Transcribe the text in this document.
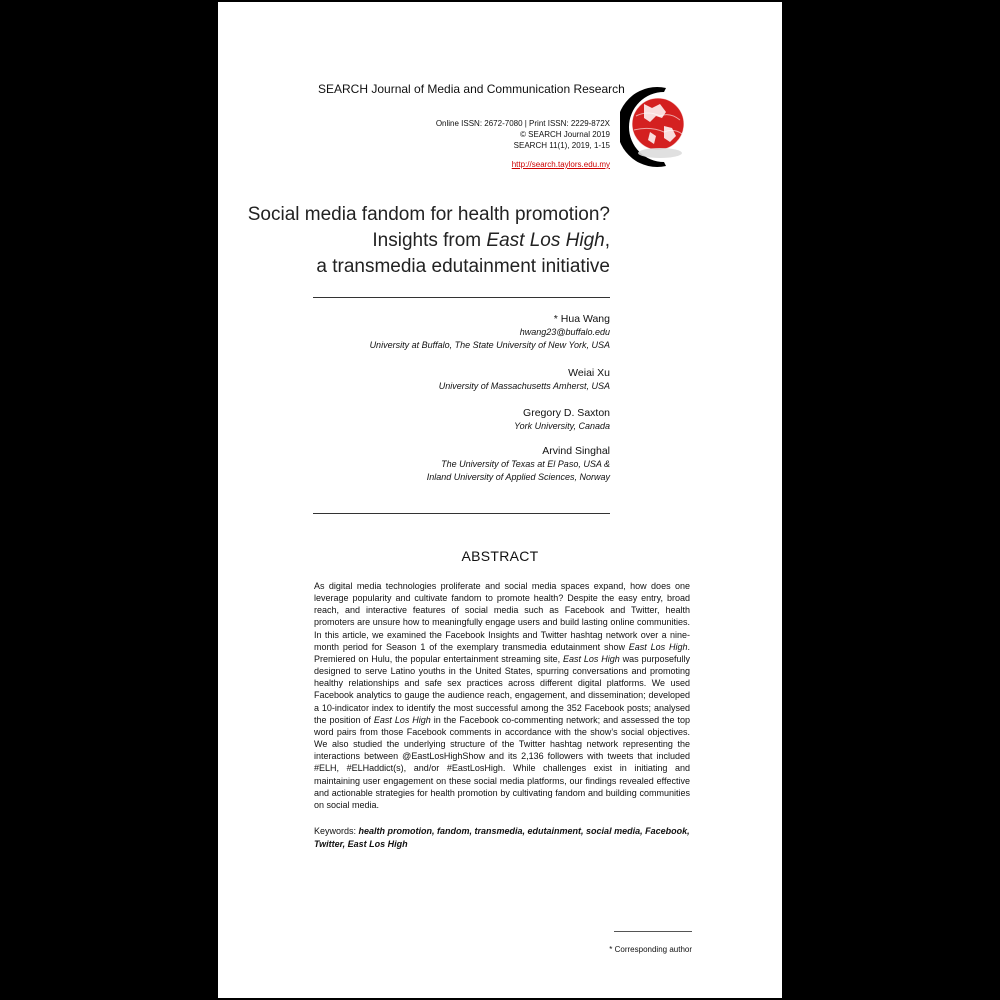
SEARCH Journal of Media and Communication Research
Online ISSN: 2672-7080 | Print ISSN: 2229-872X
© SEARCH Journal 2019
SEARCH 11(1), 2019, 1-15
http://search.taylors.edu.my
Social media fandom for health promotion?
Insights from East Los High,
a transmedia edutainment initiative
* Hua Wang
hwang23@buffalo.edu
University at Buffalo, The State University of New York, USA
Weiai Xu
University of Massachusetts Amherst, USA
Gregory D. Saxton
York University, Canada
Arvind Singhal
The University of Texas at El Paso, USA &
Inland University of Applied Sciences, Norway
ABSTRACT
As digital media technologies proliferate and social media spaces expand, how does one leverage popularity and cultivate fandom to promote health? Despite the easy entry, broad reach, and interactive features of social media such as Facebook and Twitter, health promoters are unsure how to meaningfully engage users and build lasting online communities. In this article, we examined the Facebook Insights and Twitter hashtag network over a nine-month period for Season 1 of the exemplary transmedia edutainment show East Los High. Premiered on Hulu, the popular entertainment streaming site, East Los High was purposefully designed to serve Latino youths in the United States, spurring conversations and promoting healthy relationships and safe sex practices across different digital platforms. We used Facebook analytics to gauge the audience reach, engagement, and dissemination; developed a 10-indicator index to identify the most successful among the 352 Facebook posts; analysed the position of East Los High in the Facebook co-commenting network; and assessed the top word pairs from those Facebook comments in accordance with the show’s social objectives. We also studied the underlying structure of the Twitter hashtag network representing the interactions between @EastLosHighShow and its 2,136 followers with tweets that included #ELH, #ELHaddict(s), and/or #EastLosHigh. While challenges exist in initiating and maintaining user engagement on these social media platforms, our findings revealed effective and actionable strategies for health promotion by cultivating fandom and building communities on social media.
Keywords: health promotion, fandom, transmedia, edutainment, social media, Facebook, Twitter, East Los High
* Corresponding author
